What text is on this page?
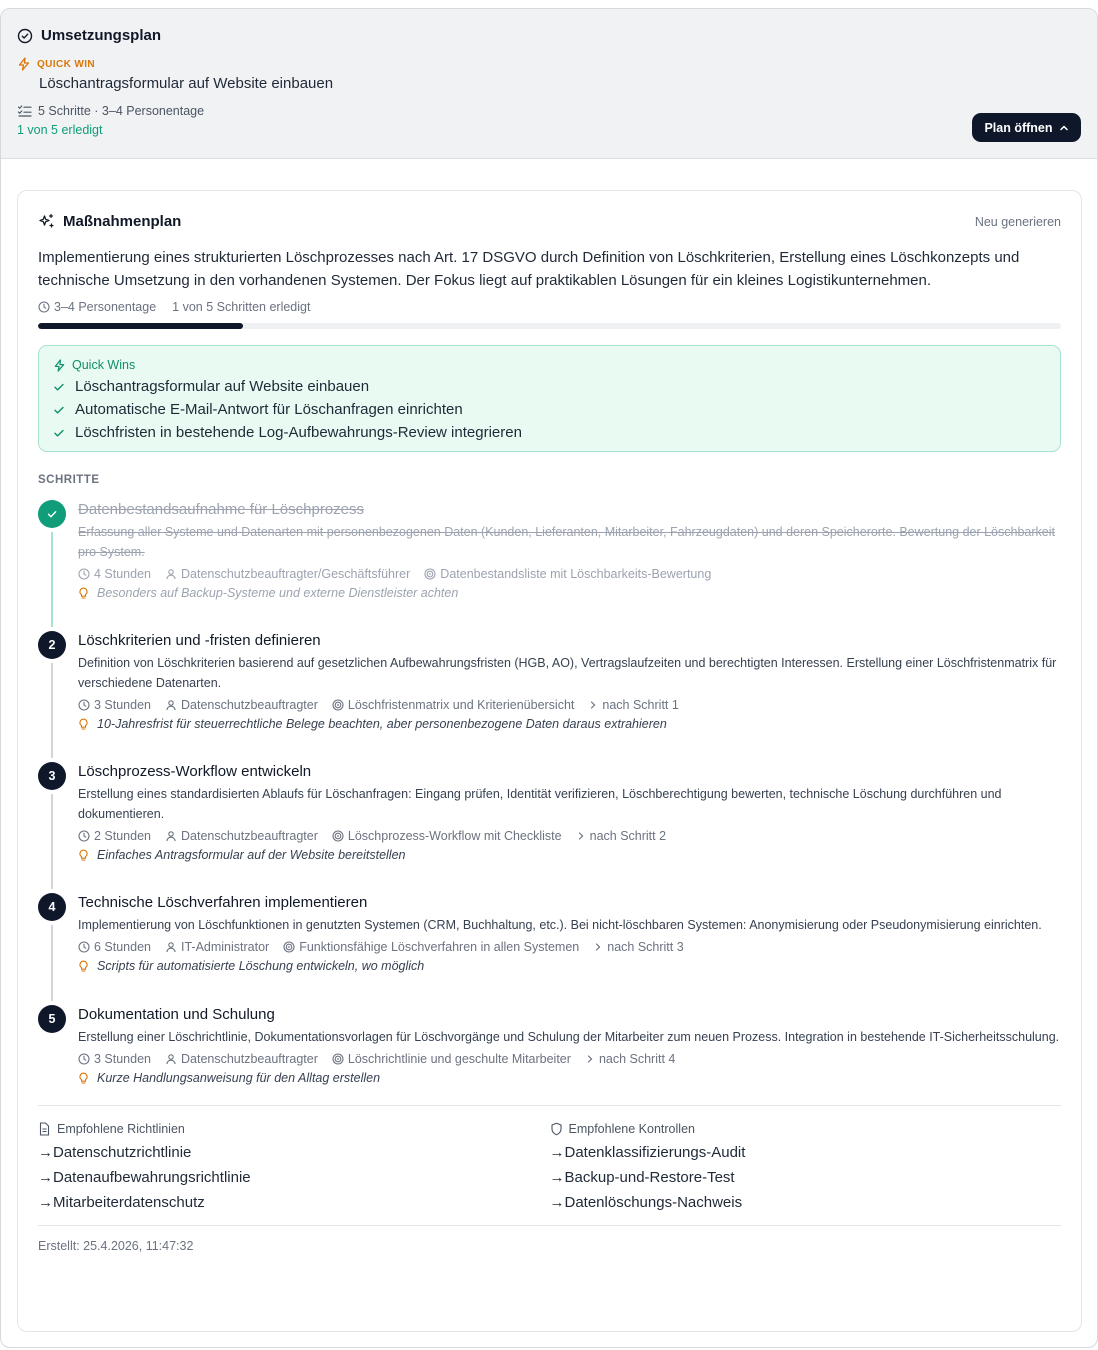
Umsetzungsplan
QUICK WIN
Löschantragsformular auf Website einbauen
5 Schritte · 3–4 Personentage
1 von 5 erledigt	Plan öffnen
Maßnahmenplan	Neu generieren
Implementierung eines strukturierten Löschprozesses nach Art. 17 DSGVO durch Definition von Löschkriterien, Erstellung eines Löschkonzepts und technische Umsetzung in den vorhandenen Systemen. Der Fokus liegt auf praktikablen Lösungen für ein kleines Logistikunternehmen.
3–4 Personentage 1 von 5 Schritten erledigt
Quick Wins
Löschantragsformular auf Website einbauen
Automatische E-Mail-Antwort für Löschanfragen einrichten
Löschfristen in bestehende Log-Aufbewahrungs-Review integrieren
SCHRITTE
Datenbestandsaufnahme für Löschprozess
Erfassung aller Systeme und Datenarten mit personenbezogenen Daten (Kunden, Lieferanten, Mitarbeiter, Fahrzeugdaten) und deren Speicherorte. Bewertung der Löschbarkeit pro System.
4 Stunden Datenschutzbeauftragter/Geschäftsführer Datenbestandsliste mit Löschbarkeits-Bewertung
Besonders auf Backup-Systeme und externe Dienstleister achten
2	Löschkriterien und -fristen definieren
Definition von Löschkriterien basierend auf gesetzlichen Aufbewahrungsfristen (HGB, AO), Vertragslaufzeiten und berechtigten Interessen. Erstellung einer Löschfristenmatrix für verschiedene Datenarten.
3 Stunden Datenschutzbeauftragter Löschfristenmatrix und Kriterienübersicht nach Schritt 1
10-Jahresfrist für steuerrechtliche Belege beachten, aber personenbezogene Daten daraus extrahieren
3	Löschprozess-Workflow entwickeln
Erstellung eines standardisierten Ablaufs für Löschanfragen: Eingang prüfen, Identität verifizieren, Löschberechtigung bewerten, technische Löschung durchführen und dokumentieren.
2 Stunden Datenschutzbeauftragter Löschprozess-Workflow mit Checkliste nach Schritt 2
Einfaches Antragsformular auf der Website bereitstellen
4	Technische Löschverfahren implementieren
Implementierung von Löschfunktionen in genutzten Systemen (CRM, Buchhaltung, etc.). Bei nicht-löschbaren Systemen: Anonymisierung oder Pseudonymisierung einrichten.
6 Stunden IT-Administrator Funktionsfähige Löschverfahren in allen Systemen nach Schritt 3
Scripts für automatisierte Löschung entwickeln, wo möglich
5	Dokumentation und Schulung
Erstellung einer Löschrichtlinie, Dokumentationsvorlagen für Löschvorgänge und Schulung der Mitarbeiter zum neuen Prozess. Integration in bestehende IT-Sicherheitsschulung.
3 Stunden Datenschutzbeauftragter Löschrichtlinie und geschulte Mitarbeiter nach Schritt 4
Kurze Handlungsanweisung für den Alltag erstellen
Empfohlene Richtlinien
→Datenschutzrichtlinie
→Datenaufbewahrungsrichtlinie
→Mitarbeiterdatenschutz
Empfohlene Kontrollen
→Datenklassifizierungs-Audit
→Backup-und-Restore-Test
→Datenlöschungs-Nachweis
Erstellt: 25.4.2026, 11:47:32
